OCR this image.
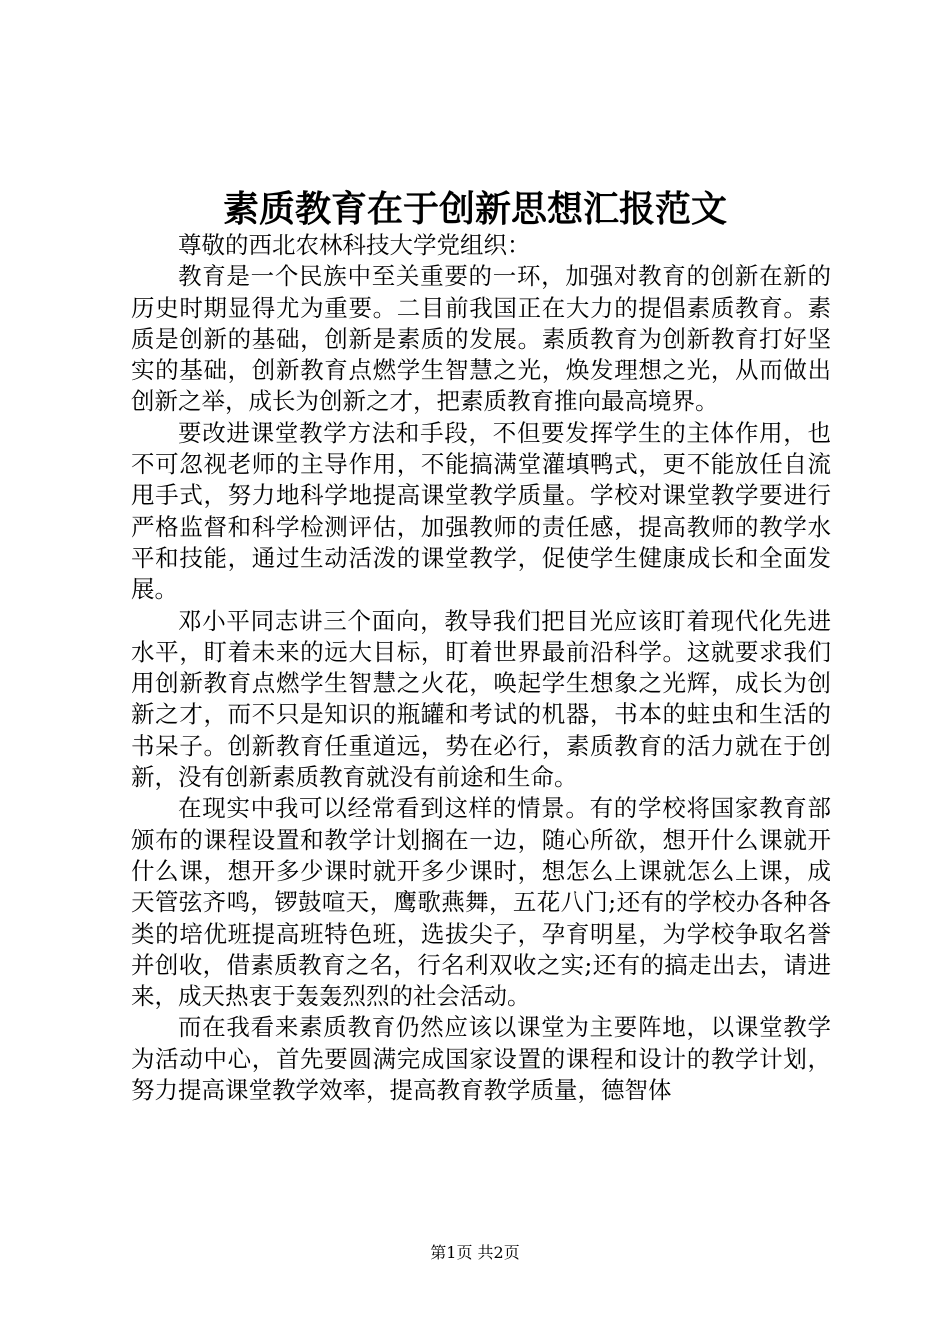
素质教育在于创新思想汇报范文

尊敬的西北农林科技大学党组织：

教育是一个民族中至关重要的一环，加强对教育的创新在新的历史时期显得尤为重要。二目前我国正在大力的提倡素质教育。素质是创新的基础，创新是素质的发展。素质教育为创新教育打好坚实的基础，创新教育点燃学生智慧之光，焕发理想之光，从而做出创新之举，成长为创新之才，把素质教育推向最高境界。

要改进课堂教学方法和手段，不但要发挥学生的主体作用，也不可忽视老师的主导作用，不能搞满堂灌填鸭式，更不能放任自流甩手式，努力地科学地提高课堂教学质量。学校对课堂教学要进行严格监督和科学检测评估，加强教师的责任感，提高教师的教学水平和技能，通过生动活泼的课堂教学，促使学生健康成长和全面发展。

邓小平同志讲三个面向，教导我们把目光应该盯着现代化先进水平，盯着未来的远大目标，盯着世界最前沿科学。这就要求我们用创新教育点燃学生智慧之火花，唤起学生想象之光辉，成长为创新之才，而不只是知识的瓶罐和考试的机器，书本的蛀虫和生活的书呆子。创新教育任重道远，势在必行，素质教育的活力就在于创新，没有创新素质教育就没有前途和生命。

在现实中我可以经常看到这样的情景。有的学校将国家教育部颁布的课程设置和教学计划搁在一边，随心所欲，想开什么课就开什么课，想开多少课时就开多少课时，想怎么上课就怎么上课，成天管弦齐鸣，锣鼓喧天，鹰歌燕舞，五花八门;还有的学校办各种各类的培优班提高班特色班，选拔尖子，孕育明星，为学校争取名誉并创收，借素质教育之名，行名利双收之实;还有的搞走出去，请进来，成天热衷于轰轰烈烈的社会活动。

而在我看来素质教育仍然应该以课堂为主要阵地，以课堂教学为活动中心，首先要圆满完成国家设置的课程和设计的教学计划，努力提高课堂教学效率，提高教育教学质量，德智体

第1页 共2页
